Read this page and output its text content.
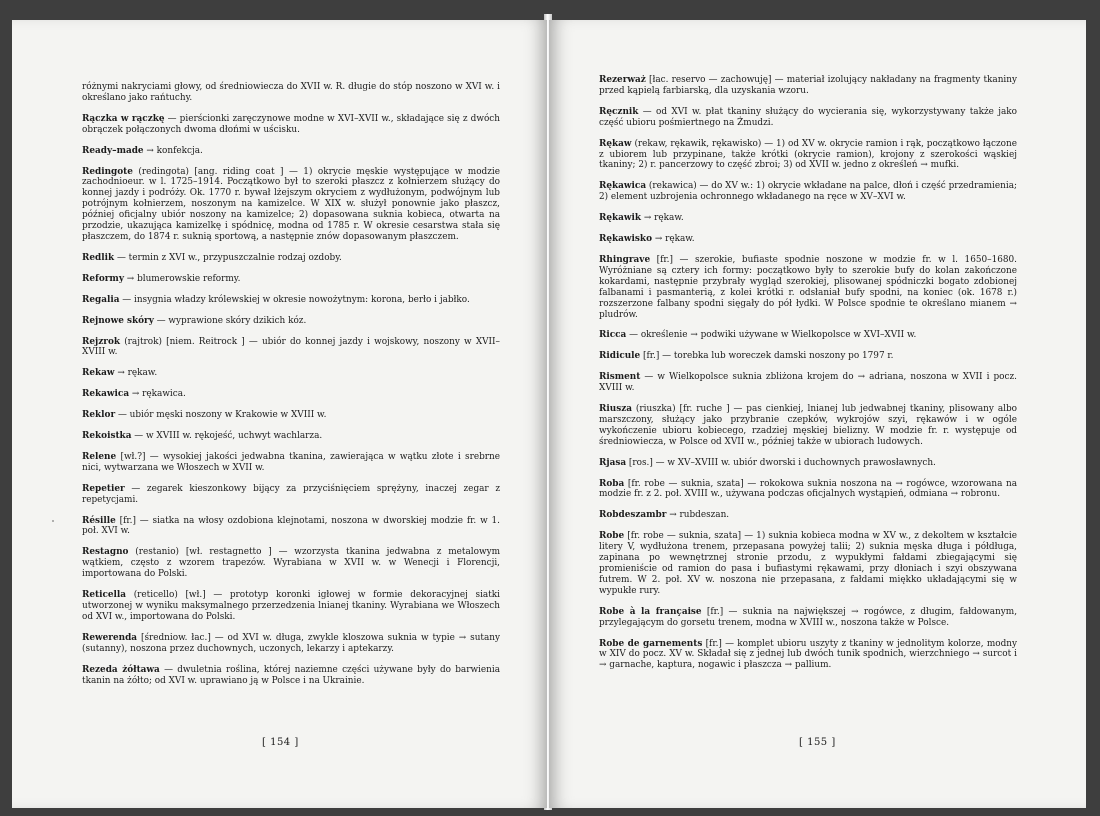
różnymi nakryciami głowy, od średniowiecza do XVII w. R. długie do stóp noszono w XVI w. i określano jako rańtuchy.

Rączka w rączkę — pierścionki zaręczynowe modne w XVI–XVII w., składające się z dwóch obrączek połączonych dwoma dłońmi w uścisku.

Ready–made → konfekcja.

Redingote (redingota) [ang. riding coat ] — 1) okrycie męskie występujące w modzie zachodnioeur. w l. 1725–1914. Początkowo był to szeroki płaszcz z kołnierzem służący do konnej jazdy i podróży. Ok. 1770 r. bywał lżejszym okryciem z wydłużonym, podwójnym lub potrójnym kołnierzem, noszonym na kamizelce. W XIX w. służył ponownie jako płaszcz, później oficjalny ubiór noszony na kamizelce; 2) dopasowana suknia kobieca, otwarta na przodzie, ukazująca kamizelkę i spódnicę, modna od 1785 r. W okresie cesarstwa stała się płaszczem, do 1874 r. suknią sportową, a następnie znów dopasowanym płaszczem.

Redlik — termin z XVI w., przypuszczalnie rodzaj ozdoby.

Reformy → blumerowskie reformy.

Regalia — insygnia władzy królewskiej w okresie nowożytnym: korona, berło i jabłko.

Rejnowe skóry — wyprawione skóry dzikich kóz.

Rejzrok (rajtrok) [niem. Reitrock ] — ubiór do konnej jazdy i wojskowy, noszony w XVII–XVIII w.

Rekaw → rękaw.

Rekawica → rękawica.

Reklor — ubiór męski noszony w Krakowie w XVIII w.

Rekoistka — w XVIII w. rękojeść, uchwyt wachlarza.

Relene [wł.?] — wysokiej jakości jedwabna tkanina, zawierająca w wątku złote i srebrne nici, wytwarzana we Włoszech w XVII w.

Repetier — zegarek kieszonkowy bijący za przyciśnięciem sprężyny, inaczej zegar z repetycjami.

Résille [fr.] — siatka na włosy ozdobiona klejnotami, noszona w dworskiej modzie fr. w 1. poł. XVI w.

Restagno (restanio) [wł. restagnetto ] — wzorzysta tkanina jedwabna z metalowym wątkiem, często z wzorem trapezów. Wyrabiana w XVII w. w Wenecji i Florencji, importowana do Polski.

Reticella (reticello) [wł.] — prototyp koronki igłowej w formie dekoracyjnej siatki utworzonej w wyniku maksymalnego przerzedzenia lnianej tkaniny. Wyrabiana we Włoszech od XVI w., importowana do Polski.

Rewerenda [średniow. łac.] — od XVI w. długa, zwykle kloszowa suknia w typie → sutany (sutanny), noszona przez duchownych, uczonych, lekarzy i aptekarzy.

Rezeda żółtawa — dwuletnia roślina, której naziemne części używane były do barwienia tkanin na żółto; od XVI w. uprawiano ją w Polsce i na Ukrainie.

[ 154 ]

Rezerważ [łac. reservo — zachowuję] — materiał izolujący nakładany na fragmenty tkaniny przed kąpielą farbiarską, dla uzyskania wzoru.

Ręcznik — od XVI w. płat tkaniny służący do wycierania się, wykorzystywany także jako część ubioru pośmiertnego na Żmudzi.

Rękaw (rekaw, rękawik, rękawisko) — 1) od XV w. okrycie ramion i rąk, początkowo łączone z ubiorem lub przypinane, także krótki (okrycie ramion), krojony z szerokości wąskiej tkaniny; 2) r. pancerzowy to część zbroi; 3) od XVII w. jedno z określeń → mufki.

Rękawica (rekawica) — do XV w.: 1) okrycie wkładane na palce, dłoń i część przedramienia; 2) element uzbrojenia ochronnego wkładanego na ręce w XV–XVI w.

Rękawik → rękaw.

Rękawisko → rękaw.

Rhingrave [fr.] — szerokie, bufiaste spodnie noszone w modzie fr. w l. 1650–1680. Wyróżniane są cztery ich formy: początkowo były to szerokie bufy do kolan zakończone kokardami, następnie przybrały wygląd szerokiej, plisowanej spódniczki bogato zdobionej falbanami i pasmanterią, z kolei krótki r. odsłaniał bufy spodni, na koniec (ok. 1678 r.) rozszerzone falbany spodni sięgały do pół łydki. W Polsce spodnie te określano mianem → pludrów.

Ricca — określenie → podwiki używane w Wielkopolsce w XVI–XVII w.

Ridicule [fr.] — torebka lub woreczek damski noszony po 1797 r.

Risment — w Wielkopolsce suknia zbliżona krojem do → adriana, noszona w XVII i pocz. XVIII w.

Riusza (riuszka) [fr. ruche ] — pas cienkiej, lnianej lub jedwabnej tkaniny, plisowany albo marszczony, służący jako przybranie czepków, wykrojów szyi, rękawów i w ogóle wykończenie ubioru kobiecego, rzadziej męskiej bielizny. W modzie fr. r. występuje od średniowiecza, w Polsce od XVII w., później także w ubiorach ludowych.

Rjasa [ros.] — w XV–XVIII w. ubiór dworski i duchownych prawosławnych.

Roba [fr. robe — suknia, szata] — rokokowa suknia noszona na → rogówce, wzorowana na modzie fr. z 2. poł. XVIII w., używana podczas oficjalnych wystąpień, odmiana → robronu.

Robdeszambr → rubdeszan.

Robe [fr. robe — suknia, szata] — 1) suknia kobieca modna w XV w., z dekoltem w kształcie litery V, wydłużona trenem, przepasana powyżej talii; 2) suknia męska długa i półdługa, zapinana po wewnętrznej stronie przodu, z wypukłymi fałdami zbiegającymi się promieniście od ramion do pasa i bufiastymi rękawami, przy dłoniach i szyi obszywana futrem. W 2. poł. XV w. noszona nie przepasana, z fałdami miękko układającymi się w wypukłe rury.

Robe à la française [fr.] — suknia na największej → rogówce, z długim, fałdowanym, przylegającym do gorsetu trenem, modna w XVIII w., noszona także w Polsce.

Robe de garnements [fr.] — komplet ubioru uszyty z tkaniny w jednolitym kolorze, modny w XIV do pocz. XV w. Składał się z jednej lub dwóch tunik spodnich, wierzchniego → surcot i → garnache, kaptura, nogawic i płaszcza → pallium.

[ 155 ]
